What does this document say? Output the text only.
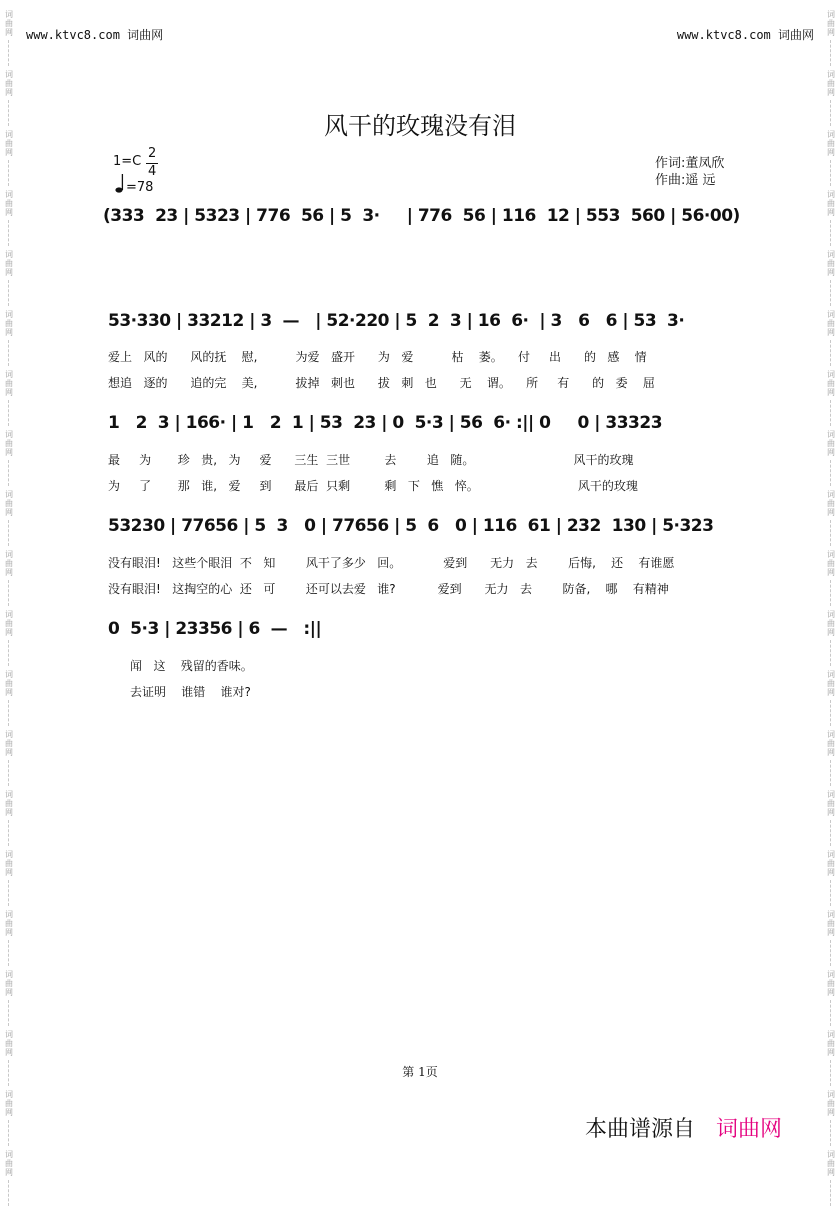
词
曲
网
词
曲
网
词
曲
网
词
曲
网
词
曲
网
词
曲
网
词
曲
网
词
曲
网
词
曲
网
词
曲
网
词
曲
网
词
曲
网
词
曲
网
词
曲
网
词
曲
网
词
曲
网
词
曲
网
词
曲
网
词
曲
网
词
曲
网
词
曲
网
词
曲
网
词
曲
网
词
曲
网
词
曲
网
词
曲
网
词
曲
网
词
曲
网
词
曲
网
词
曲
网
词
曲
网
词
曲
网
词
曲
网
词
曲
网
词
曲
网
词
曲
网
词
曲
网
词
曲
网
词
曲
网
词
曲
网
www.ktvc8.com 词曲网	www.ktvc8.com 词曲网
风干的玫瑰没有泪
1=C
2
4
=78
作词:董凤欣
作曲:遥 远
(333  23 | 5323 | 776  56 | 5  3·     | 776  56 | 116  12 | 553  560 | 56·00)
53·330 | 33212 | 3  —   | 52·220 | 5  2  3 | 16  6·  | 3   6   6 | 53  3·
爱上   风的      风的抚    慰,          为爱   盛开      为   爱          枯    萎。    付     出      的   感    情
想追   逐的      追的完    美,          拔掉   刺也      拔   刺   也      无    谓。    所     有      的   委    屈
1   2  3 | 166· | 1   2  1 | 53  23 | 0  5·3 | 56  6· :|| 0     0 | 33323
最     为       珍   贵,   为     爱      三生  三世         去        追   随。                          风干的玫瑰
为     了       那   谁,   爱     到      最后  只剩         剩   下   憔   悴。                          风干的玫瑰
53230 | 77656 | 5  3   0 | 77656 | 5  6   0 | 116  61 | 232  130 | 5·323
没有眼泪!   这些个眼泪  不   知        风干了多少   回。           爱到      无力   去        后悔,    还    有谁愿
没有眼泪!   这掏空的心  还   可        还可以去爱   谁?           爱到      无力   去        防备,    哪    有精神
0  5·3 | 23356 | 6  —   :||
闻   这    残留的香味。
去证明    谁错    谁对?
第 1页
本曲谱源自 词曲网
